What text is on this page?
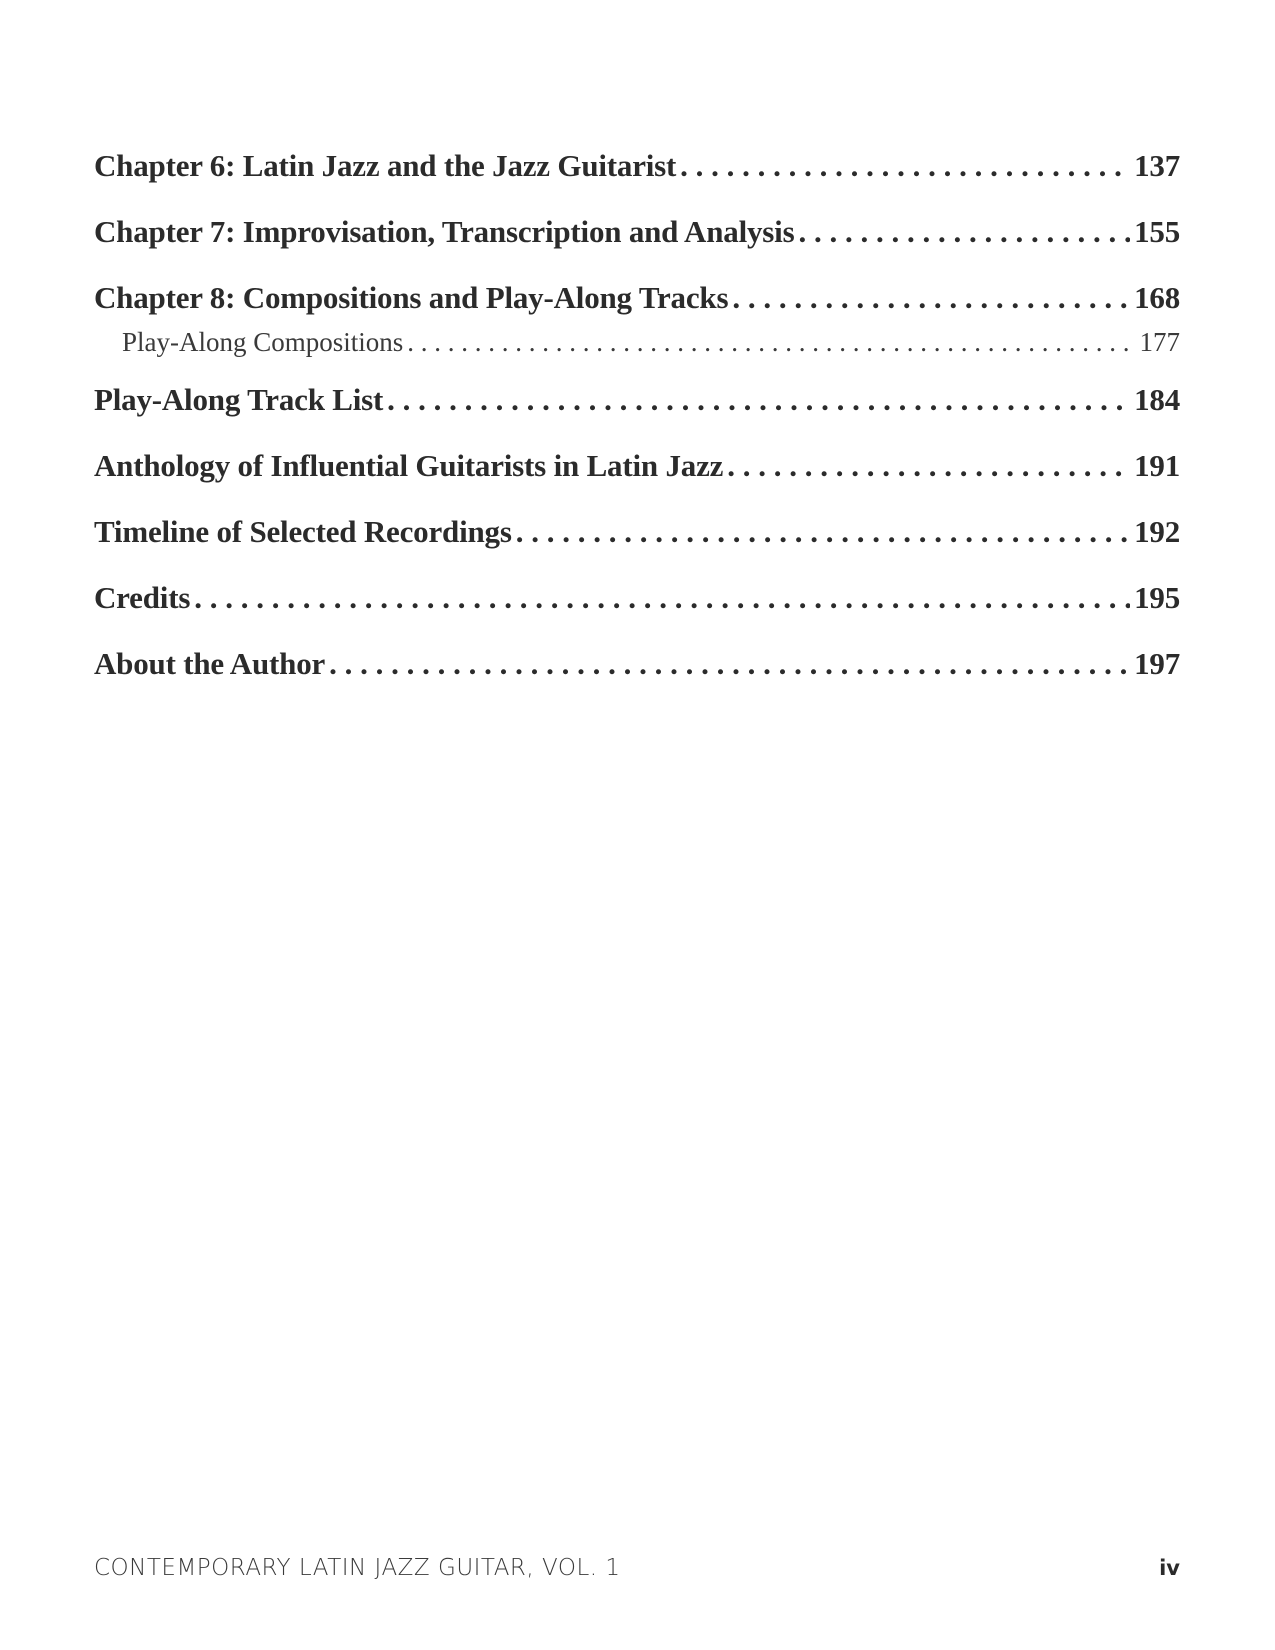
Chapter 6: Latin Jazz and the Jazz Guitarist . . .	137
Chapter 7: Improvisation, Transcription and Analysis . . .	155
Chapter 8: Compositions and Play-Along Tracks . . .	168
Play-Along Compositions . . .	177
Play-Along Track List . . .	184
Anthology of Influential Guitarists in Latin Jazz . . .	191
Timeline of Selected Recordings . . .	192
Credits . . .	195
About the Author . . .	197
CONTEMPORARY LATIN JAZZ GUITAR, VOL. 1	iv
